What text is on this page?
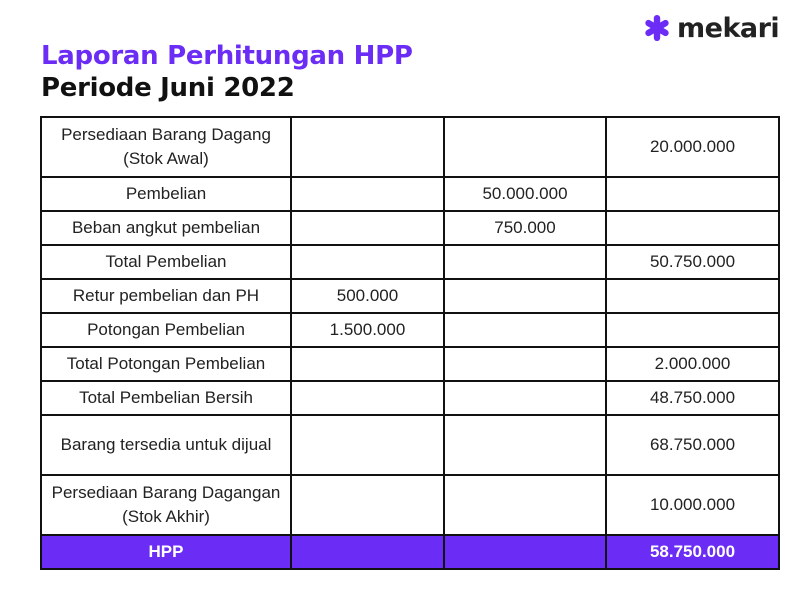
mekari
Laporan Perhitungan HPP
Periode Juni 2022
Persediaan Barang Dagang (Stok Awal)			20.000.000
Pembelian		50.000.000	
Beban angkut pembelian		750.000	
Total Pembelian			50.750.000
Retur pembelian dan PH	500.000		
Potongan Pembelian	1.500.000		
Total Potongan Pembelian			2.000.000
Total Pembelian Bersih			48.750.000
Barang tersedia untuk dijual			68.750.000
Persediaan Barang Dagangan (Stok Akhir)			10.000.000
HPP			58.750.000
